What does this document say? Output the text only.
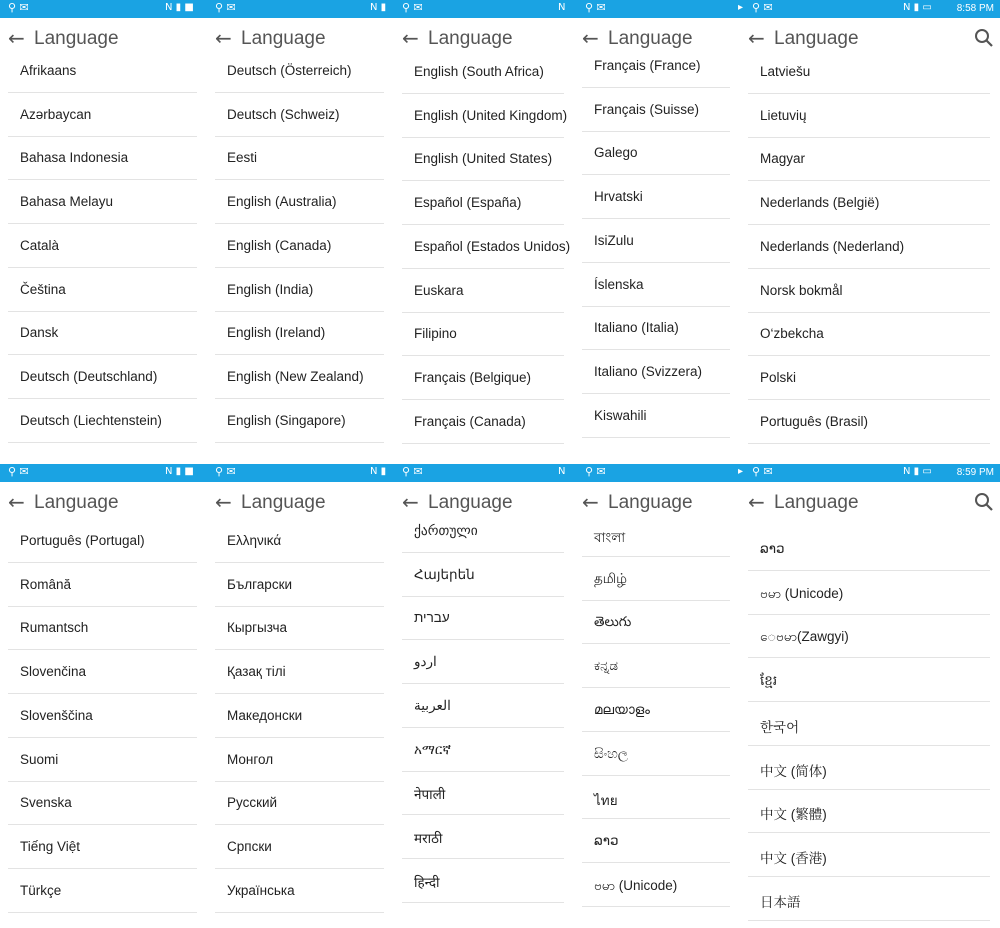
⚲ ✉	N ▮ ■ ⚲ ✉	N ▮ ⚲ ✉	N ⚲ ✉	▸ ⚲ ✉	N ▮ ▭ 8:58 PM
← Language
Afrikaans
Azərbaycan
Bahasa Indonesia
Bahasa Melayu
Català
Čeština
Dansk
Deutsch (Deutschland)
Deutsch (Liechtenstein)
← Language
Deutsch (Österreich)
Deutsch (Schweiz)
Eesti
English (Australia)
English (Canada)
English (India)
English (Ireland)
English (New Zealand)
English (Singapore)
← Language
English (South Africa)
English (United Kingdom)
English (United States)
Español (España)
Español (Estados Unidos)
Euskara
Filipino
Français (Belgique)
Français (Canada)
← Language
Français (France)
Français (Suisse)
Galego
Hrvatski
IsiZulu
Íslenska
Italiano (Italia)
Italiano (Svizzera)
Kiswahili
← Language
Latviešu
Lietuvių
Magyar
Nederlands (België)
Nederlands (Nederland)
Norsk bokmål
O‘zbekcha
Polski
Português (Brasil)
⚲ ✉	N ▮ ■ ⚲ ✉	N ▮ ⚲ ✉	N ⚲ ✉	▸ ⚲ ✉	N ▮ ▭ 8:59 PM
← Language
Português (Portugal)
Română
Rumantsch
Slovenčina
Slovenščina
Suomi
Svenska
Tiếng Việt
Türkçe
← Language
Ελληνικά
Български
Кыргызча
Қазақ тілі
Македонски
Монгол
Русский
Српски
Українська
← Language
ქართული
Հայերեն
עברית
اردو
العربية
አማርኛ
नेपाली
मराठी
हिन्दी
← Language
বাংলা
தமிழ்
తెలుగు
ಕನ್ನಡ
മലയാളം
සිංහල
ไทย
ລາວ
ဗမာ (Unicode)
← Language
ລາວ
ဗမာ (Unicode)
ေဗမာ(Zawgyi)
ខ្មែរ
한국어
中文 (简体)
中文 (繁體)
中文 (香港)
日本語
